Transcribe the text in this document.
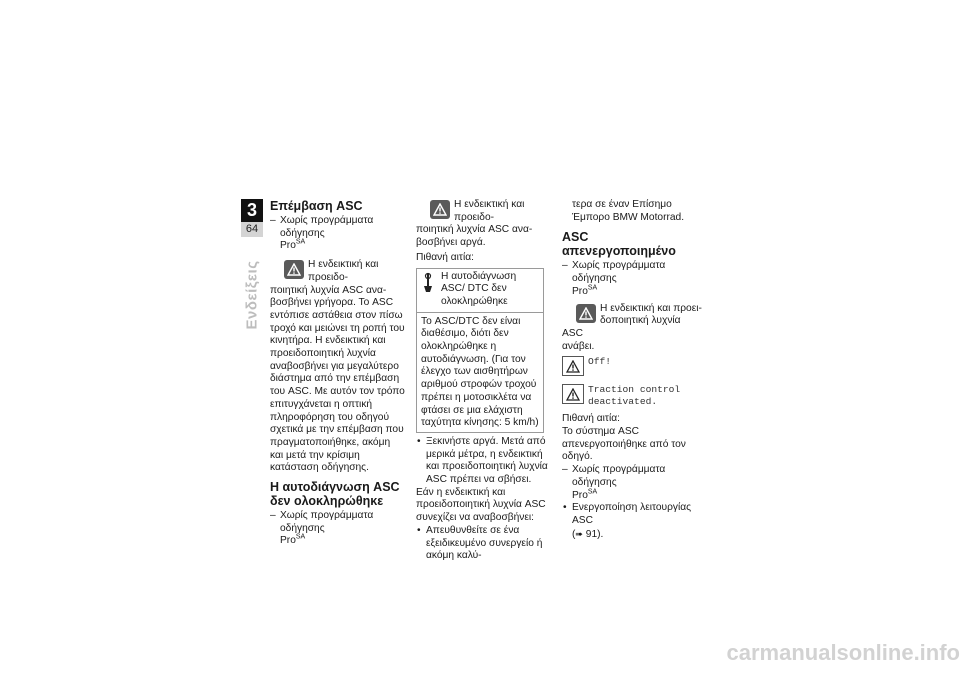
3
64
Ενδείξεις
Επέμβαση ASC

– Χωρίς προγράμματα οδήγησης
Pro$^{SA}$

Η ενδεικτική και προειδο-
ποιητική λυχνία ASC ανα-

βοσβήνει γρήγορα. Το ASC εντόπισε αστάθεια στον πίσω τροχό και μειώνει τη ροπή του κινητήρα. Η ενδεικτική και προειδοποιητική λυχνία αναβοσβήνει για μεγαλύτερο διάστημα από την επέμβαση του ASC. Με αυτόν τον τρόπο επιτυγχάνεται η οπτική πληροφόρηση του οδηγού σχετικά με την επέμβαση που πραγματοποιήθηκε, ακόμη και μετά την κρίσιμη κατάσταση οδήγησης.

Η αυτοδιάγνωση ASC δεν ολοκληρώθηκε

– Χωρίς προγράμματα οδήγησης
Pro$^{SA}$

Η ενδεικτική και προειδο-
ποιητική λυχνία ASC ανα-

βοσβήνει αργά.

Πιθανή αιτία:

Η αυτοδιάγνωση ASC/ DTC δεν ολοκληρώθηκε
Το ASC/DTC δεν είναι διαθέσιμο, διότι δεν ολοκληρώθηκε η αυτοδιάγνωση. (Για τον έλεγχο των αισθητήρων αριθμού στροφών τροχού πρέπει η μοτοσικλέτα να φτάσει σε μια ελάχιστη ταχύτητα κίνησης: 5 km/h)

• Ξεκινήστε αργά. Μετά από μερικά μέτρα, η ενδεικτική και προειδοποιητική λυχνία ASC πρέπει να σβήσει.

Εάν η ενδεικτική και προειδοποιητική λυχνία ASC συνεχίζει να αναβοσβήνει:

• Απευθυνθείτε σε ένα εξειδικευμένο συνεργείο ή ακόμη καλύ-

τερα σε έναν Επίσημο Έμπορο BMW Motorrad.

ASC απενεργοποιημένο

– Χωρίς προγράμματα οδήγησης
Pro$^{SA}$

Η ενδεικτική και προει-
δοποιητική λυχνία ASC

ανάβει.

Off!
Traction control
deactivated.

Πιθανή αιτία:

Το σύστημα ASC απενεργοποιήθηκε από τον οδηγό.

– Χωρίς προγράμματα οδήγησης
Pro$^{SA}$

• Ενεργοποίηση λειτουργίας ASC
(➠ 91).

carmanualsonline.info
